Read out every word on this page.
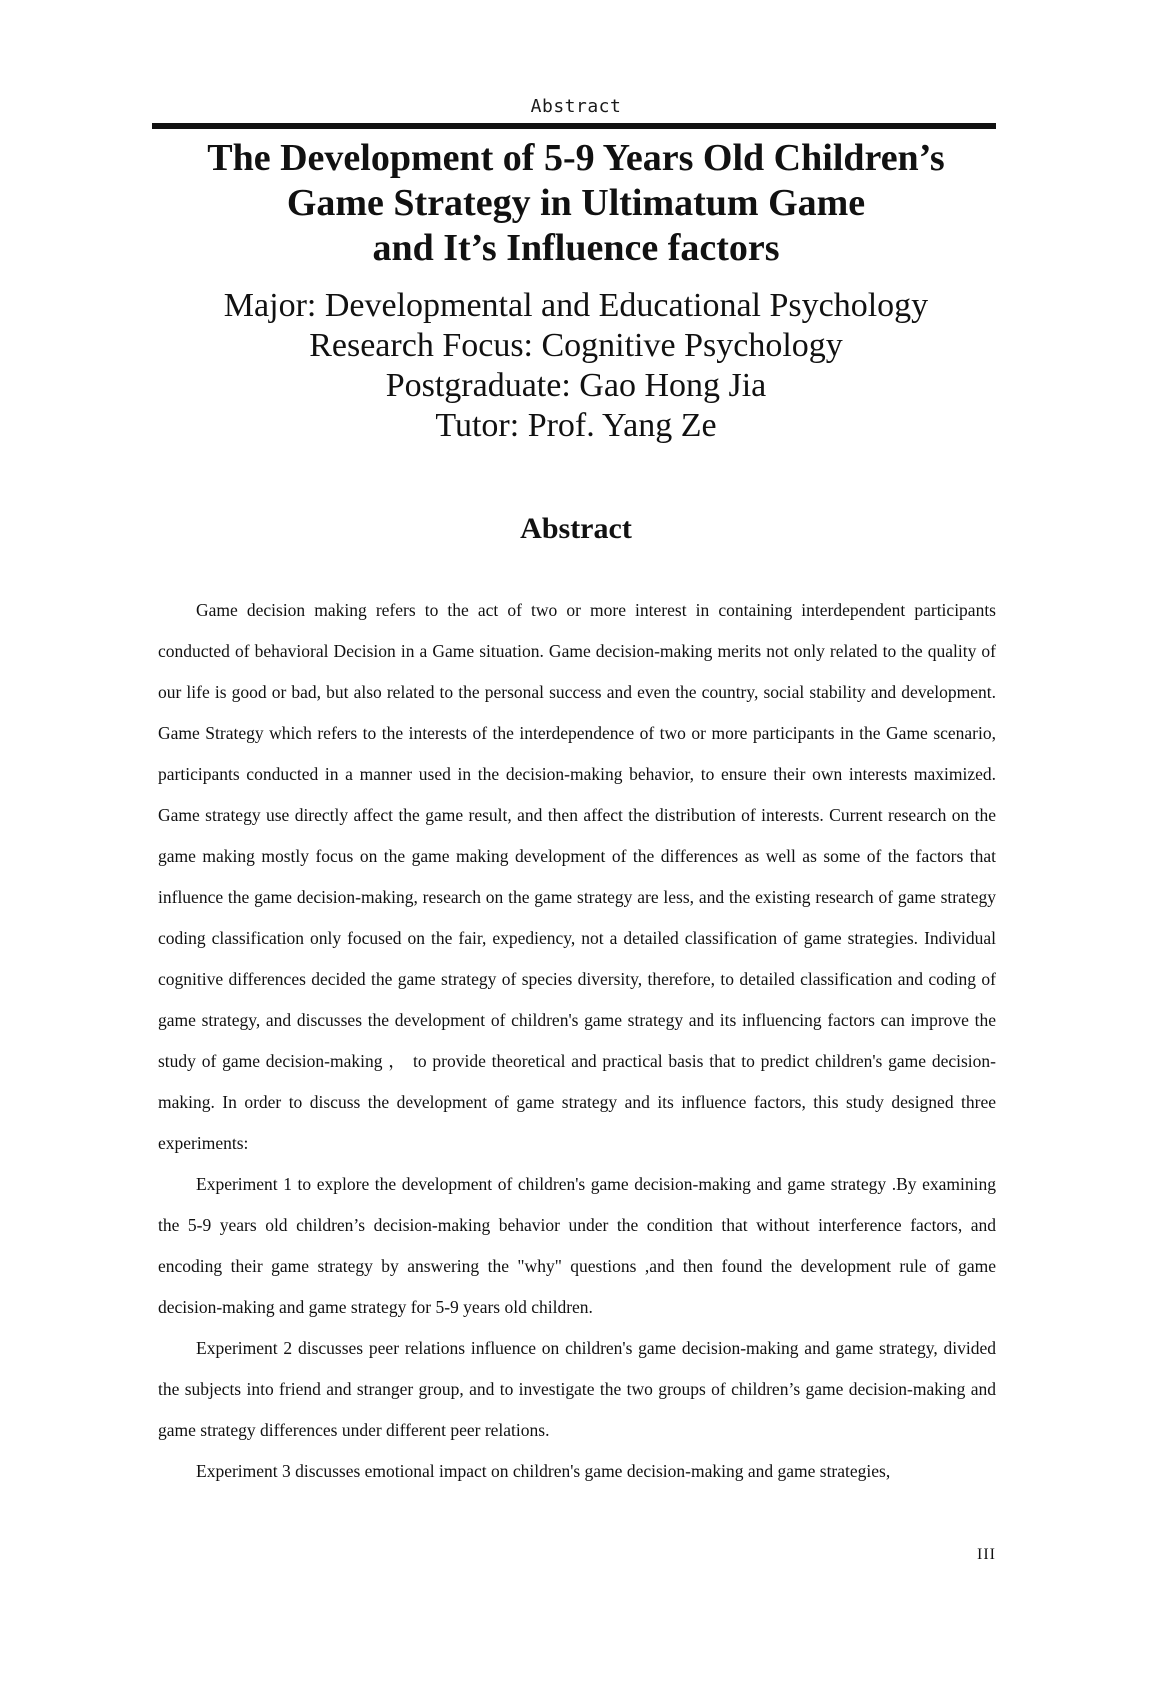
Abstract
The Development of 5-9 Years Old Children’s
Game Strategy in Ultimatum Game
and It’s Influence factors
Major: Developmental and Educational Psychology
Research Focus: Cognitive Psychology
Postgraduate: Gao Hong Jia
Tutor: Prof. Yang Ze
Abstract

Game decision making refers to the act of two or more interest in containing interdependent participants conducted of behavioral Decision in a Game situation. Game decision-making merits not only related to the quality of our life is good or bad, but also related to the personal success and even the country, social stability and development. Game Strategy which refers to the interests of the interdependence of two or more participants in the Game scenario, participants conducted in a manner used in the decision-making behavior, to ensure their own interests maximized. Game strategy use directly affect the game result, and then affect the distribution of interests. Current research on the game making mostly focus on the game making development of the differences as well as some of the factors that influence the game decision-making, research on the game strategy are less, and the existing research of game strategy coding classification only focused on the fair, expediency, not a detailed classification of game strategies. Individual cognitive differences decided the game strategy of species diversity, therefore, to detailed classification and coding of game strategy, and discusses the development of children's game strategy and its influencing factors can improve the study of game decision-making ， to provide theoretical and practical basis that to predict children's game decision-making. In order to discuss the development of game strategy and its influence factors, this study designed three experiments:

Experiment 1 to explore the development of children's game decision-making and game strategy .By examining the 5-9 years old children’s decision-making behavior under the condition that without interference factors, and encoding their game strategy by answering the "why" questions ,and then found the development rule of game decision-making and game strategy for 5-9 years old children.

Experiment 2 discusses peer relations influence on children's game decision-making and game strategy, divided the subjects into friend and stranger group, and to investigate the two groups of children’s game decision-making and game strategy differences under different peer relations.

Experiment 3 discusses emotional impact on children's game decision-making and game strategies,

III
